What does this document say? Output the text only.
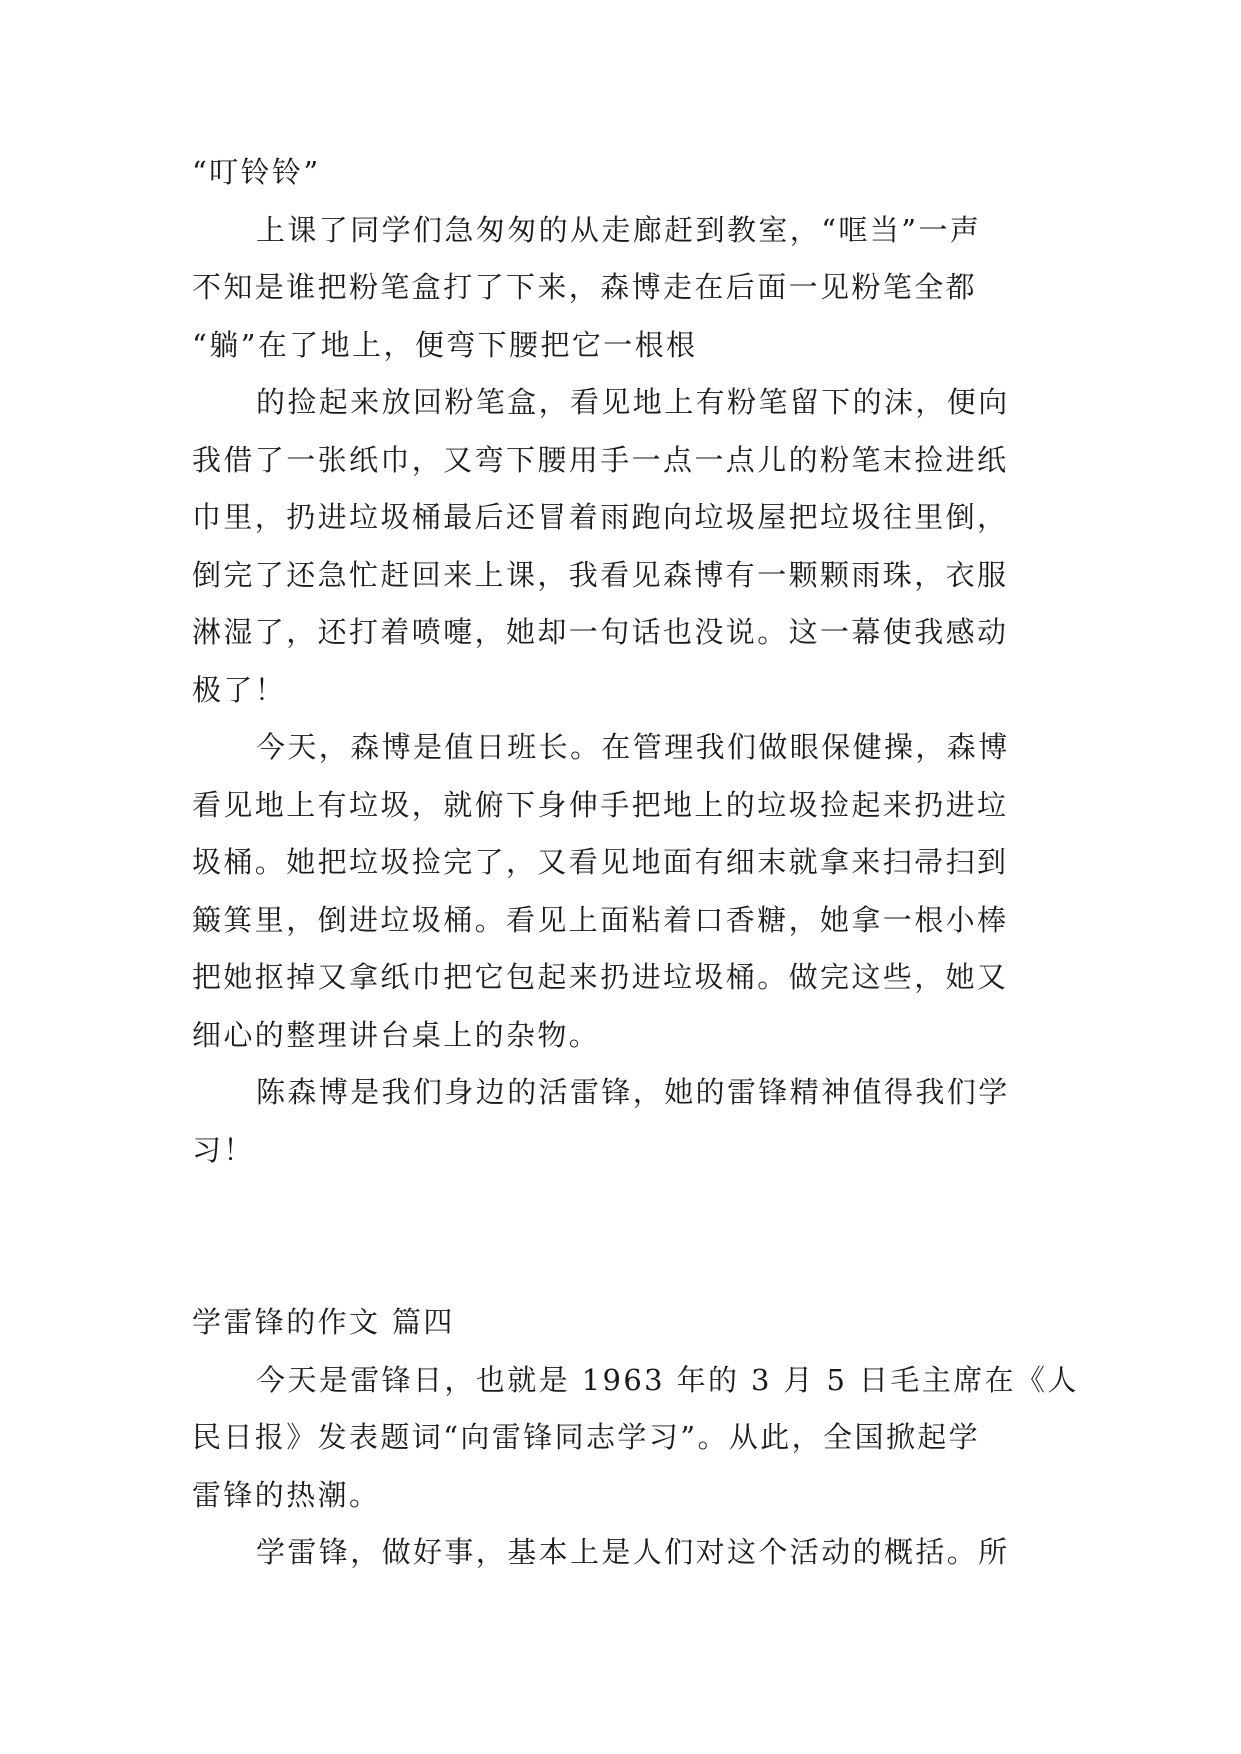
“叮铃铃”
上课了同学们急匆匆的从走廊赶到教室，“哐当”一声
不知是谁把粉笔盒打了下来，森博走在后面一见粉笔全都
“躺”在了地上，便弯下腰把它一根根
的捡起来放回粉笔盒，看见地上有粉笔留下的沫，便向
我借了一张纸巾，又弯下腰用手一点一点儿的粉笔末捡进纸
巾里，扔进垃圾桶最后还冒着雨跑向垃圾屋把垃圾往里倒，
倒完了还急忙赶回来上课，我看见森博有一颗颗雨珠，衣服
淋湿了，还打着喷嚏，她却一句话也没说。这一幕使我感动
极了！
今天，森博是值日班长。在管理我们做眼保健操，森博
看见地上有垃圾，就俯下身伸手把地上的垃圾捡起来扔进垃
圾桶。她把垃圾捡完了，又看见地面有细末就拿来扫帚扫到
簸箕里，倒进垃圾桶。看见上面粘着口香糖，她拿一根小棒
把她抠掉又拿纸巾把它包起来扔进垃圾桶。做完这些，她又
细心的整理讲台桌上的杂物。
陈森博是我们身边的活雷锋，她的雷锋精神值得我们学
习！
学雷锋的作文 篇四
今天是雷锋日，也就是 1963 年的 3 月 5 日毛主席在《人
民日报》发表题词“向雷锋同志学习”。从此，全国掀起学
雷锋的热潮。
学雷锋，做好事，基本上是人们对这个活动的概括。所
